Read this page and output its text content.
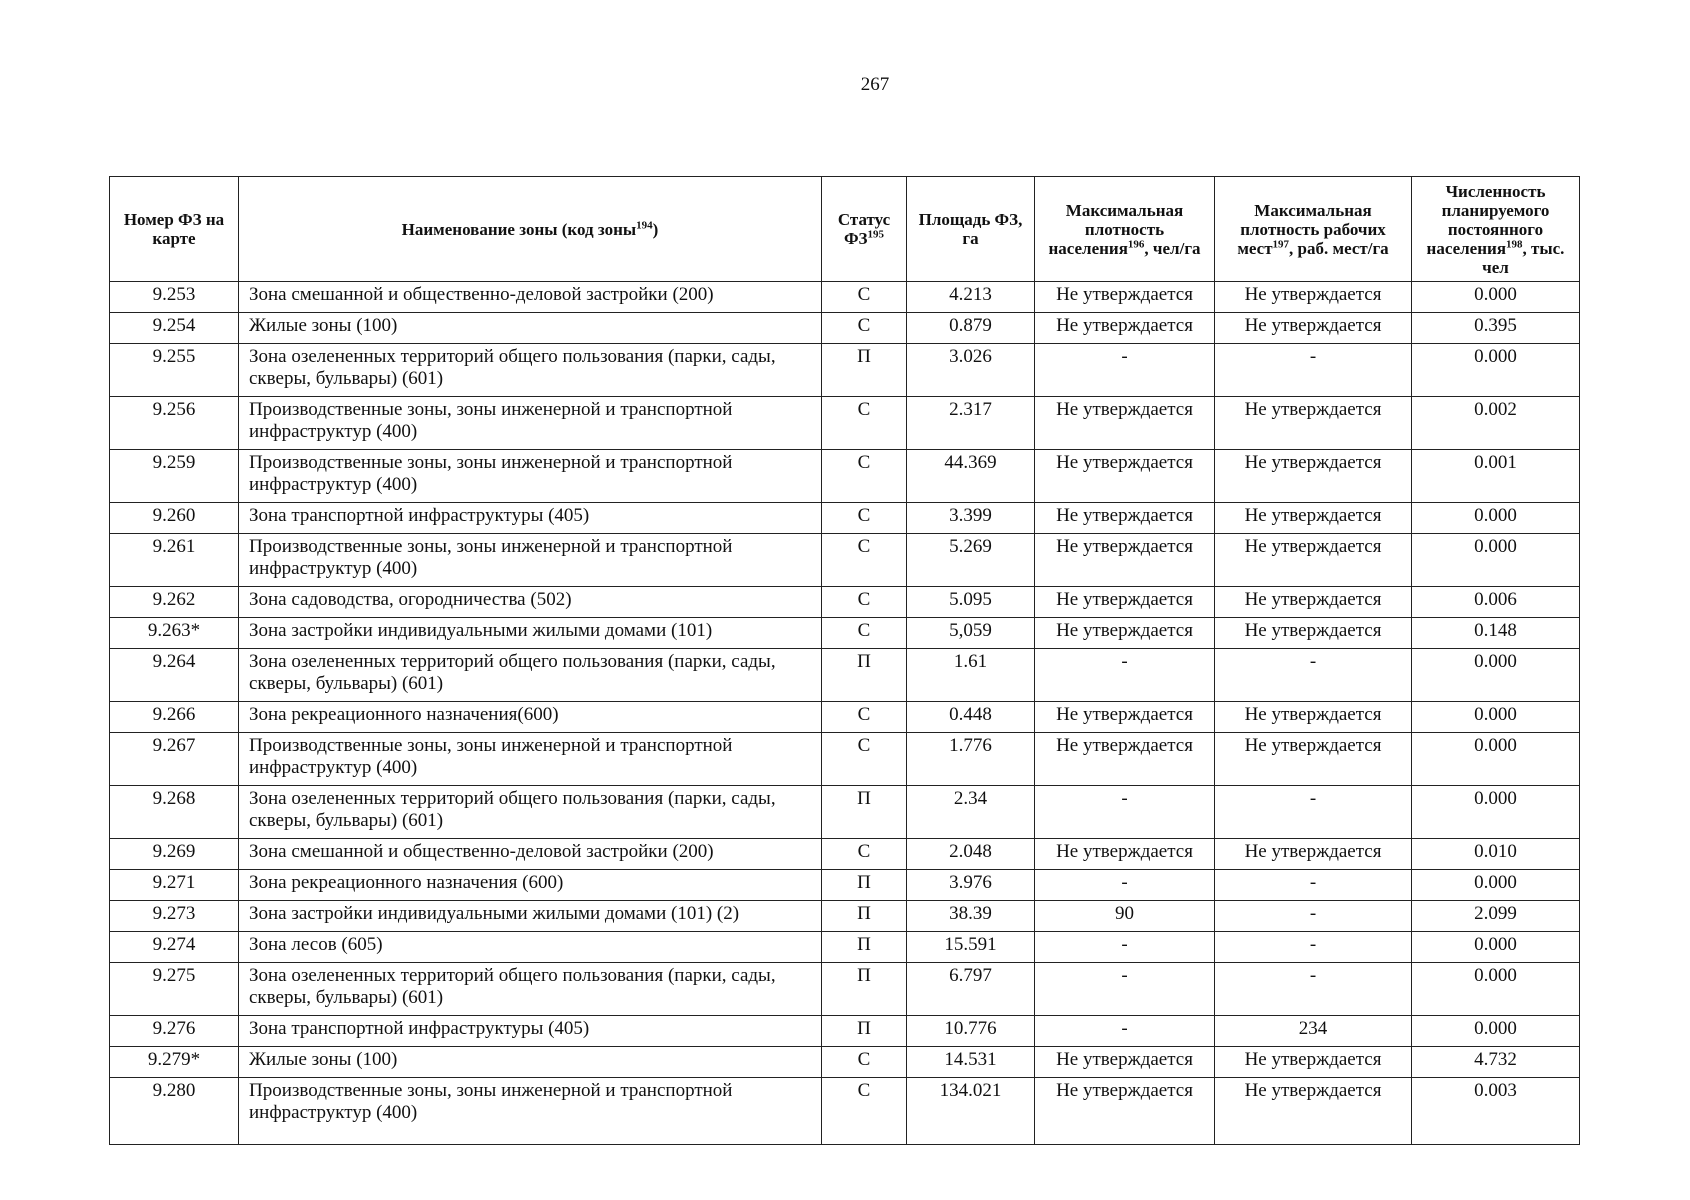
267
Номер ФЗ на карте	Наименование зоны (код зоны$^{194}$)	Статус ФЗ$^{195}$	Площадь ФЗ, га	Максимальная плотность населения$^{196}$, чел/га	Максимальная плотность рабочих мест$^{197}$, раб. мест/га	Численность планируемого постоянного населения$^{198}$, тыс. чел
9.253	Зона смешанной и общественно-деловой застройки (200)	С	4.213	Не утверждается	Не утверждается	0.000
9.254	Жилые зоны (100)	С	0.879	Не утверждается	Не утверждается	0.395
9.255	Зона озелененных территорий общего пользования (парки, сады, скверы, бульвары) (601)	П	3.026	-	-	0.000
9.256	Производственные зоны, зоны инженерной и транспортной инфраструктур (400)	С	2.317	Не утверждается	Не утверждается	0.002
9.259	Производственные зоны, зоны инженерной и транспортной инфраструктур (400)	С	44.369	Не утверждается	Не утверждается	0.001
9.260	Зона транспортной инфраструктуры (405)	С	3.399	Не утверждается	Не утверждается	0.000
9.261	Производственные зоны, зоны инженерной и транспортной инфраструктур (400)	С	5.269	Не утверждается	Не утверждается	0.000
9.262	Зона садоводства, огородничества (502)	С	5.095	Не утверждается	Не утверждается	0.006
9.263*	Зона застройки индивидуальными жилыми домами (101)	С	5,059	Не утверждается	Не утверждается	0.148
9.264	Зона озелененных территорий общего пользования (парки, сады, скверы, бульвары) (601)	П	1.61	-	-	0.000
9.266	Зона рекреационного назначения(600)	С	0.448	Не утверждается	Не утверждается	0.000
9.267	Производственные зоны, зоны инженерной и транспортной инфраструктур (400)	С	1.776	Не утверждается	Не утверждается	0.000
9.268	Зона озелененных территорий общего пользования (парки, сады, скверы, бульвары) (601)	П	2.34	-	-	0.000
9.269	Зона смешанной и общественно-деловой застройки (200)	С	2.048	Не утверждается	Не утверждается	0.010
9.271	Зона рекреационного назначения (600)	П	3.976	-	-	0.000
9.273	Зона застройки индивидуальными жилыми домами (101) (2)	П	38.39	90	-	2.099
9.274	Зона лесов (605)	П	15.591	-	-	0.000
9.275	Зона озелененных территорий общего пользования (парки, сады, скверы, бульвары) (601)	П	6.797	-	-	0.000
9.276	Зона транспортной инфраструктуры (405)	П	10.776	-	234	0.000
9.279*	Жилые зоны (100)	С	14.531	Не утверждается	Не утверждается	4.732
9.280	Производственные зоны, зоны инженерной и транспортной инфраструктур (400)	С	134.021	Не утверждается	Не утверждается	0.003
